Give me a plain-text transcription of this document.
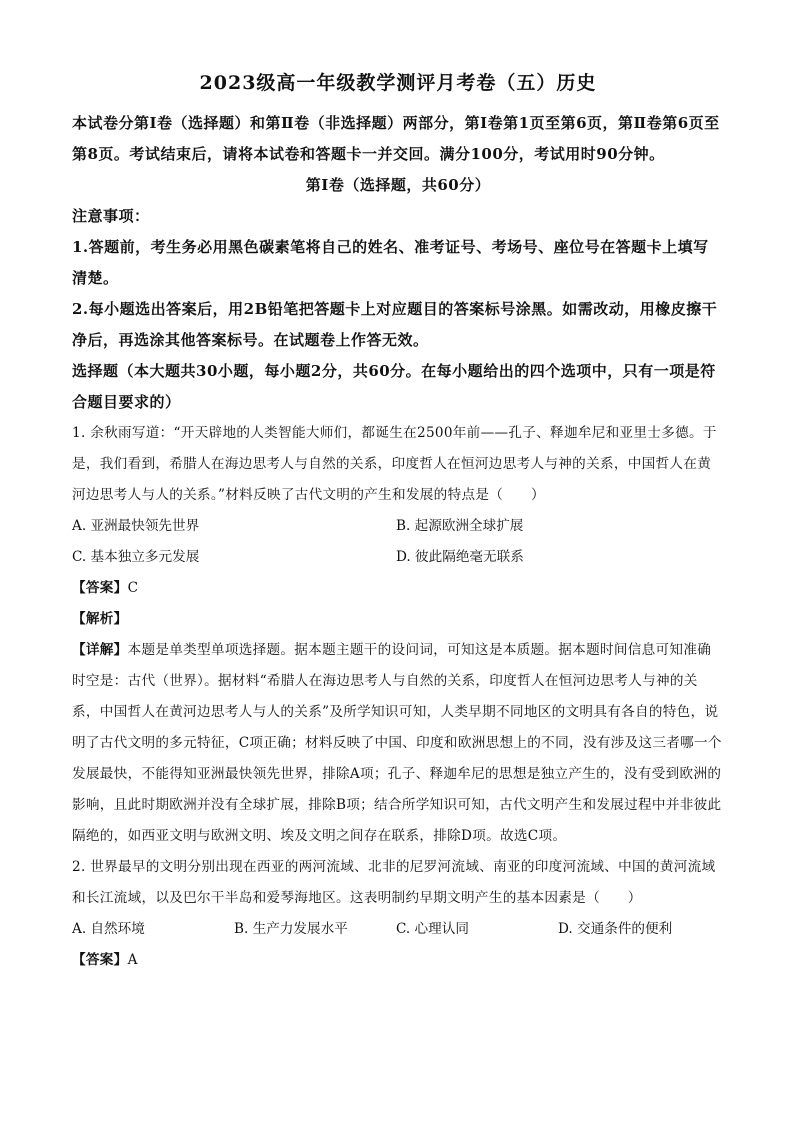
2023级高一年级教学测评月考卷（五）历史

本试卷分第Ⅰ卷（选择题）和第Ⅱ卷（非选择题）两部分，第Ⅰ卷第1页至第6页，第Ⅱ卷第6页至第8页。考试结束后，请将本试卷和答题卡一并交回。满分100分，考试用时90分钟。

第Ⅰ卷（选择题，共60分）

注意事项：

1.答题前，考生务必用黑色碳素笔将自己的姓名、准考证号、考场号、座位号在答题卡上填写清楚。

2.每小题选出答案后，用2B铅笔把答题卡上对应题目的答案标号涂黑。如需改动，用橡皮擦干净后，再选涂其他答案标号。在试题卷上作答无效。

选择题（本大题共30小题，每小题2分，共60分。在每小题给出的四个选项中，只有一项是符合题目要求的）

1. 余秋雨写道：“开天辟地的人类智能大师们，都诞生在2500年前——孔子、释迦牟尼和亚里士多德。于是，我们看到，希腊人在海边思考人与自然的关系，印度哲人在恒河边思考人与神的关系，中国哲人在黄河边思考人与人的关系。”材料反映了古代文明的产生和发展的特点是（　　）

A. 亚洲最快领先世界	B. 起源欧洲全球扩展
C. 基本独立多元发展	D. 彼此隔绝毫无联系

【答案】C

【解析】

【详解】本题是单类型单项选择题。据本题主题干的设问词，可知这是本质题。据本题时间信息可知准确时空是：古代（世界）。据材料“希腊人在海边思考人与自然的关系，印度哲人在恒河边思考人与神的关系，中国哲人在黄河边思考人与人的关系”及所学知识可知，人类早期不同地区的文明具有各自的特色，说明了古代文明的多元特征，C项正确；材料反映了中国、印度和欧洲思想上的不同，没有涉及这三者哪一个发展最快，不能得知亚洲最快领先世界，排除A项；孔子、释迦牟尼的思想是独立产生的，没有受到欧洲的影响，且此时期欧洲并没有全球扩展，排除B项；结合所学知识可知，古代文明产生和发展过程中并非彼此隔绝的，如西亚文明与欧洲文明、埃及文明之间存在联系，排除D项。故选C项。

2. 世界最早的文明分别出现在西亚的两河流域、北非的尼罗河流域、南亚的印度河流域、中国的黄河流域和长江流域，以及巴尔干半岛和爱琴海地区。这表明制约早期文明产生的基本因素是（　　）

A. 自然环境	B. 生产力发展水平	C. 心理认同	D. 交通条件的便利

【答案】A
